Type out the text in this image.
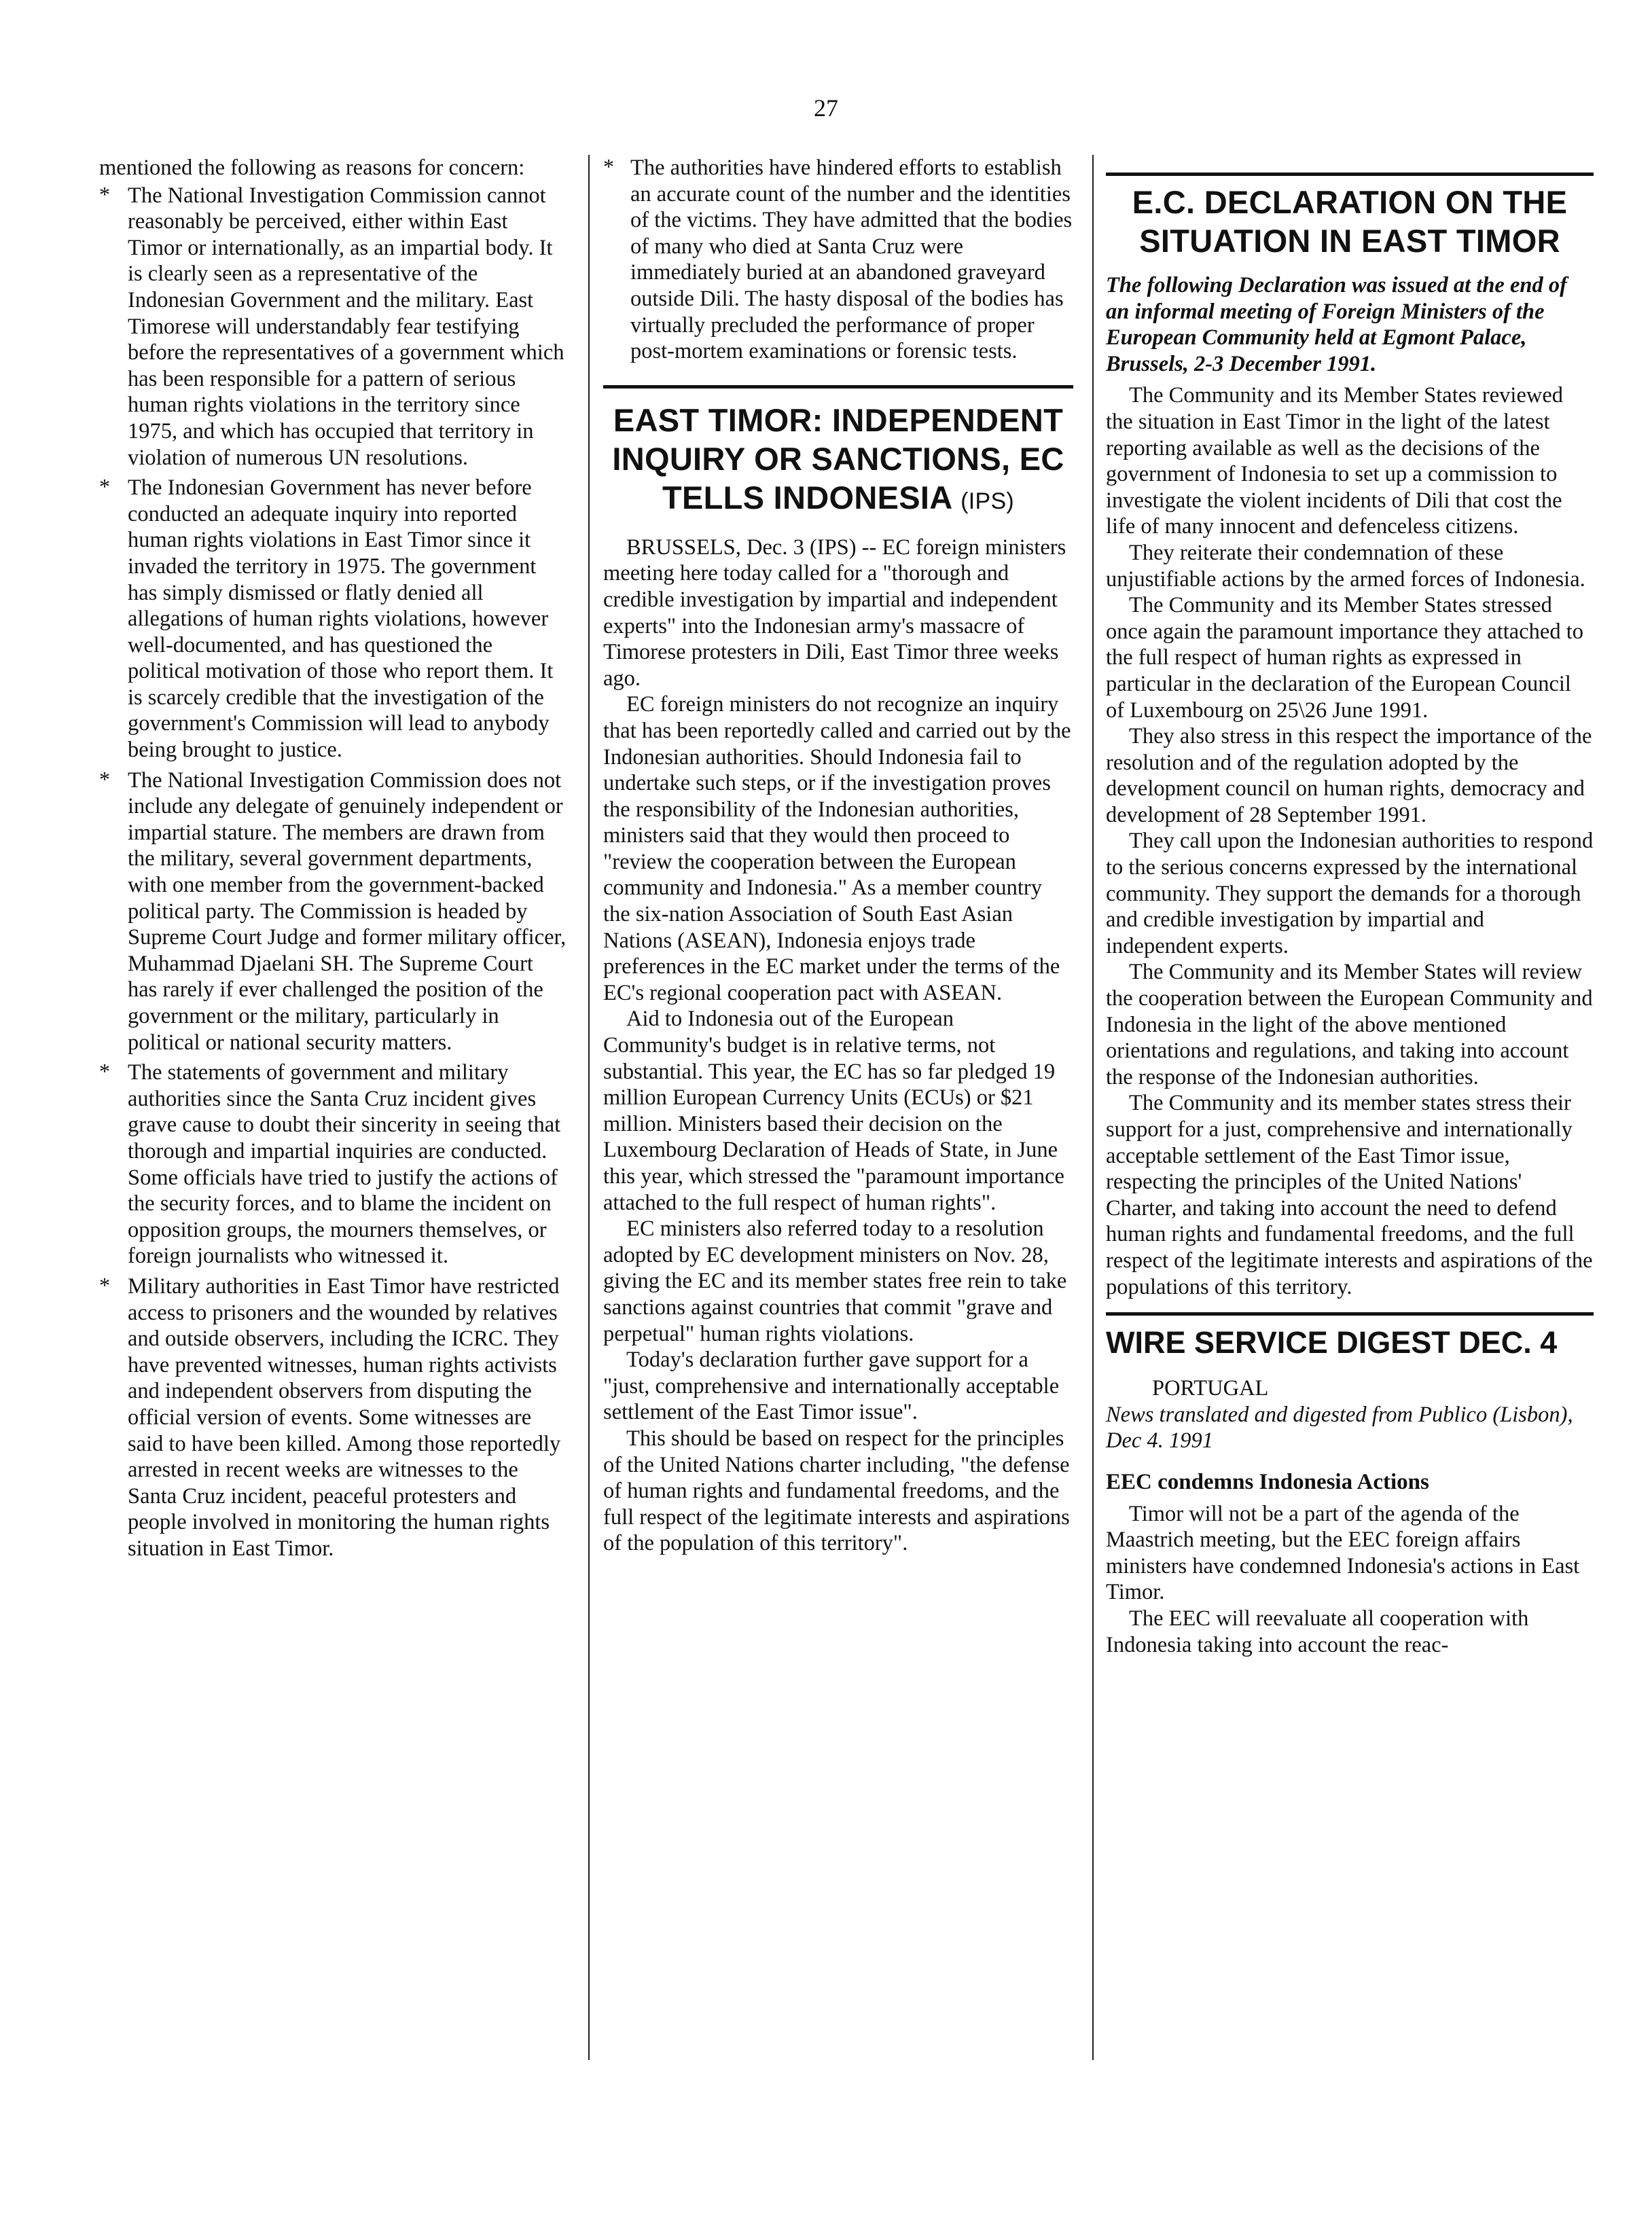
27

mentioned the following as reasons for concern:

* The National Investigation Commission cannot reasonably be perceived, either within East Timor or internationally, as an impartial body. It is clearly seen as a representative of the Indonesian Government and the military. East Timorese will understandably fear testifying before the representatives of a government which has been responsible for a pattern of serious human rights violations in the territory since 1975, and which has occupied that territory in violation of numerous UN resolutions.
* The Indonesian Government has never before conducted an adequate inquiry into reported human rights violations in East Timor since it invaded the territory in 1975. The government has simply dismissed or flatly denied all allegations of human rights violations, however well-documented, and has questioned the political motivation of those who report them. It is scarcely credible that the investigation of the government's Commission will lead to anybody being brought to justice.
* The National Investigation Commission does not include any delegate of genuinely independent or impartial stature. The members are drawn from the military, several government departments, with one member from the government-backed political party. The Commission is headed by Supreme Court Judge and former military officer, Muhammad Djaelani SH. The Supreme Court has rarely if ever challenged the position of the government or the military, particularly in political or national security matters.
* The statements of government and military authorities since the Santa Cruz incident gives grave cause to doubt their sincerity in seeing that thorough and impartial inquiries are conducted. Some officials have tried to justify the actions of the security forces, and to blame the incident on opposition groups, the mourners themselves, or foreign journalists who witnessed it.
* Military authorities in East Timor have restricted access to prisoners and the wounded by relatives and outside observers, including the ICRC. They have prevented witnesses, human rights activists and independent observers from disputing the official version of events. Some witnesses are said to have been killed. Among those reportedly arrested in recent weeks are witnesses to the Santa Cruz incident, peaceful protesters and people involved in monitoring the human rights situation in East Timor.
* The authorities have hindered efforts to establish an accurate count of the number and the identities of the victims. They have admitted that the bodies of many who died at Santa Cruz were immediately buried at an abandoned graveyard outside Dili. The hasty disposal of the bodies has virtually precluded the performance of proper post-mortem examinations or forensic tests.
EAST TIMOR: INDEPENDENT INQUIRY OR SANCTIONS, EC TELLS INDONESIA (IPS)

BRUSSELS, Dec. 3 (IPS) -- EC foreign ministers meeting here today called for a "thorough and credible investigation by impartial and independent experts" into the Indonesian army's massacre of Timorese protesters in Dili, East Timor three weeks ago.

EC foreign ministers do not recognize an inquiry that has been reportedly called and carried out by the Indonesian authorities. Should Indonesia fail to undertake such steps, or if the investigation proves the responsibility of the Indonesian authorities, ministers said that they would then proceed to "review the cooperation between the European community and Indonesia." As a member country the six-nation Association of South East Asian Nations (ASEAN), Indonesia enjoys trade preferences in the EC market under the terms of the EC's regional cooperation pact with ASEAN.

Aid to Indonesia out of the European Community's budget is in relative terms, not substantial. This year, the EC has so far pledged 19 million European Currency Units (ECUs) or $21 million. Ministers based their decision on the Luxembourg Declaration of Heads of State, in June this year, which stressed the "paramount importance attached to the full respect of human rights".

EC ministers also referred today to a resolution adopted by EC development ministers on Nov. 28, giving the EC and its member states free rein to take sanctions against countries that commit "grave and perpetual" human rights violations.

Today's declaration further gave support for a "just, comprehensive and internationally acceptable settlement of the East Timor issue".

This should be based on respect for the principles of the United Nations charter including, "the defense of human rights and fundamental freedoms, and the full respect of the legitimate interests and aspirations of the population of this territory".

E.C. DECLARATION ON THE SITUATION IN EAST TIMOR

The following Declaration was issued at the end of an informal meeting of Foreign Ministers of the European Community held at Egmont Palace, Brussels, 2-3 December 1991.

The Community and its Member States reviewed the situation in East Timor in the light of the latest reporting available as well as the decisions of the government of Indonesia to set up a commission to investigate the violent incidents of Dili that cost the life of many innocent and defenceless citizens.

They reiterate their condemnation of these unjustifiable actions by the armed forces of Indonesia.

The Community and its Member States stressed once again the paramount importance they attached to the full respect of human rights as expressed in particular in the declaration of the European Council of Luxembourg on 25\26 June 1991.

They also stress in this respect the importance of the resolution and of the regulation adopted by the development council on human rights, democracy and development of 28 September 1991.

They call upon the Indonesian authorities to respond to the serious concerns expressed by the international community. They support the demands for a thorough and credible investigation by impartial and independent experts.

The Community and its Member States will review the cooperation between the European Community and Indonesia in the light of the above mentioned orientations and regulations, and taking into account the response of the Indonesian authorities.

The Community and its member states stress their support for a just, comprehensive and internationally acceptable settlement of the East Timor issue, respecting the principles of the United Nations' Charter, and taking into account the need to defend human rights and fundamental freedoms, and the full respect of the legitimate interests and aspirations of the populations of this territory.

WIRE SERVICE DIGEST DEC. 4

PORTUGAL

News translated and digested from Publico (Lisbon), Dec 4. 1991

EEC condemns Indonesia Actions

Timor will not be a part of the agenda of the Maastrich meeting, but the EEC foreign affairs ministers have condemned Indonesia's actions in East Timor.

The EEC will reevaluate all cooperation with Indonesia taking into account the reac-
